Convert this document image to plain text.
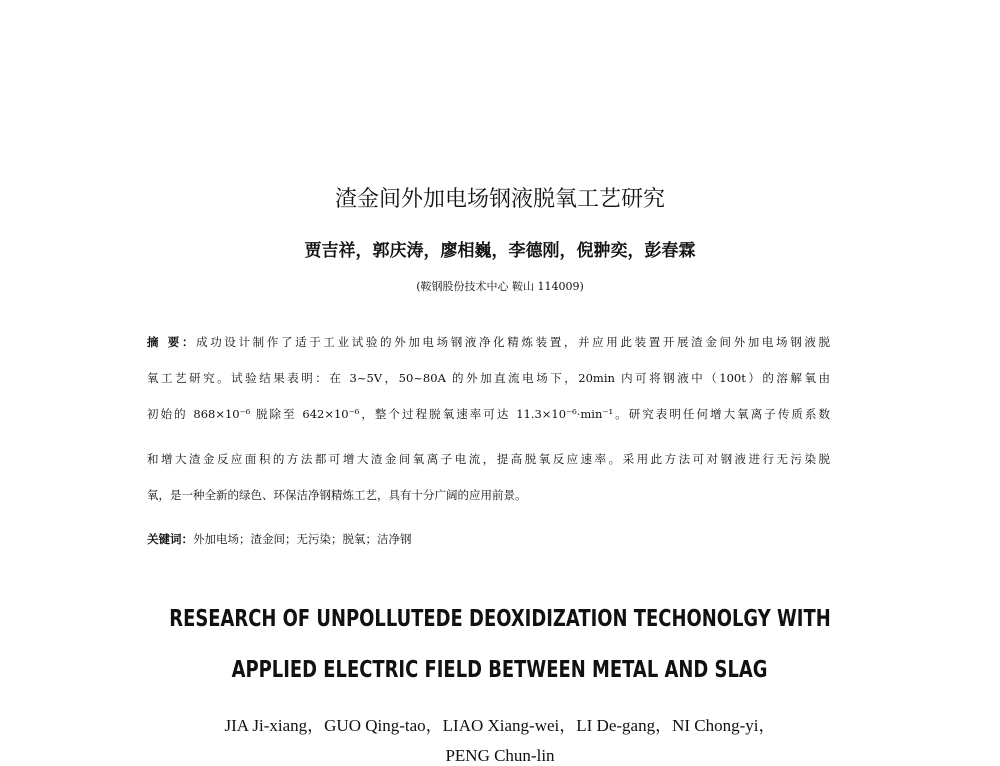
渣金间外加电场钢液脱氧工艺研究
贾吉祥，郭庆涛，廖相巍，李德刚，倪翀奕，彭春霖
(鞍钢股份技术中心 鞍山 114009)
摘 要：成功设计制作了适于工业试验的外加电场钢液净化精炼装置，并应用此装置开展渣金间外加电场钢液脱
氧工艺研究。试验结果表明：在 3~5V，50~80A 的外加直流电场下，20min 内可将钢液中（100t）的溶解氧由
初始的 868×10⁻⁶ 脱除至 642×10⁻⁶，整个过程脱氧速率可达 11.3×10⁻⁶·min⁻¹。研究表明任何增大氧离子传质系数
和增大渣金反应面积的方法都可增大渣金间氧离子电流，提高脱氧反应速率。采用此方法可对钢液进行无污染脱
氧，是一种全新的绿色、环保洁净钢精炼工艺，具有十分广阔的应用前景。
关键词：外加电场；渣金间；无污染；脱氧；洁净钢
RESEARCH OF UNPOLLUTEDE DEOXIDIZATION TECHONOLGY WITH
APPLIED ELECTRIC FIELD BETWEEN METAL AND SLAG
JIA Ji-xiang，GUO Qing-tao，LIAO Xiang-wei，LI De-gang，NI Chong-yi，
PENG Chun-lin
